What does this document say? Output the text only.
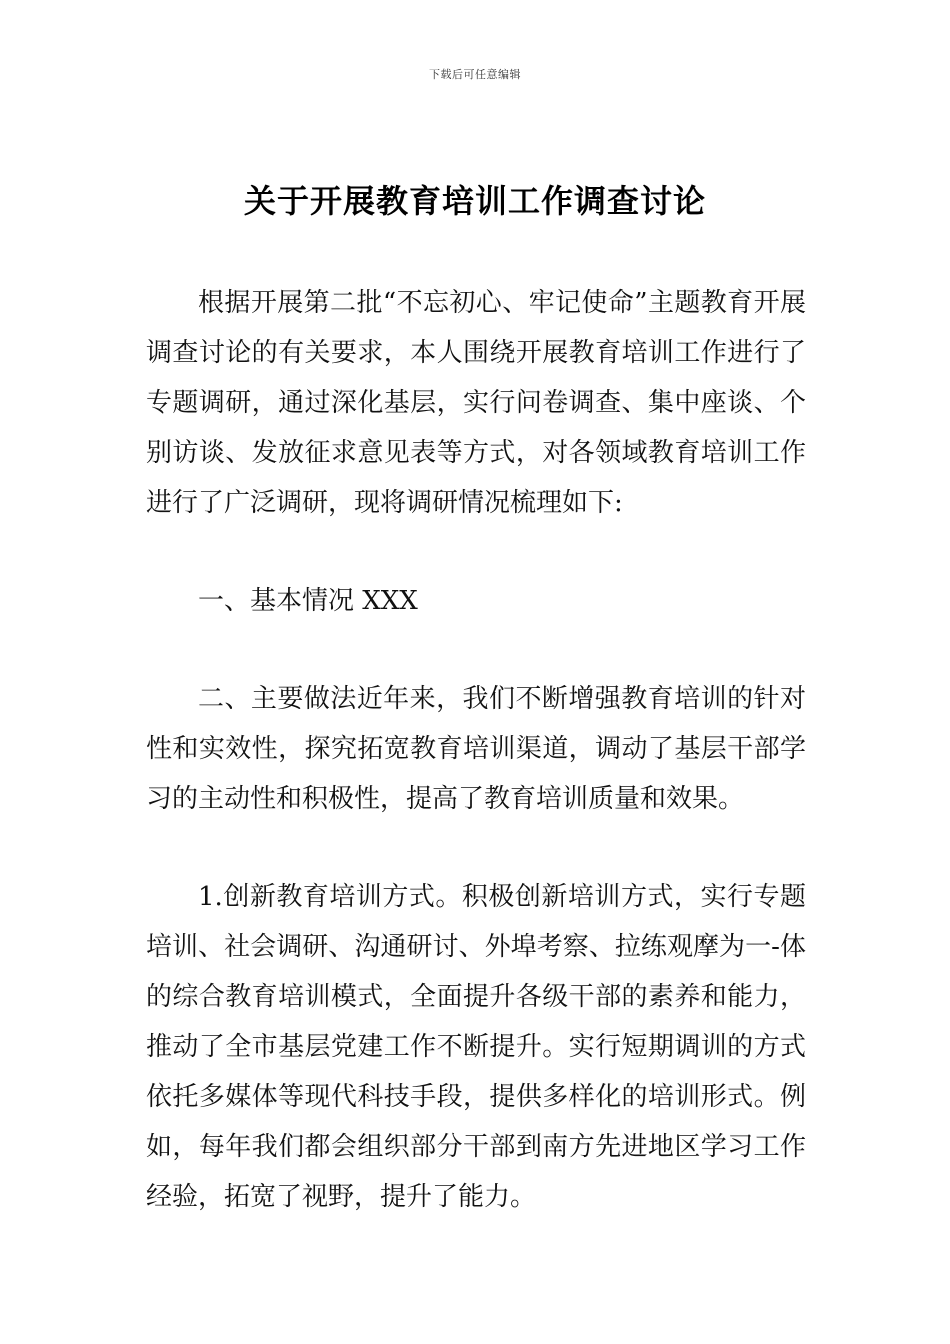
下载后可任意编辑
关于开展教育培训工作调查讨论

根据开展第二批“不忘初心、牢记使命”主题教育开展调查讨论的有关要求，本人围绕开展教育培训工作进行了专题调研，通过深化基层，实行问卷调查、集中座谈、个别访谈、发放征求意见表等方式，对各领域教育培训工作进行了广泛调研，现将调研情况梳理如下:

一、基本情况 XXX

二、主要做法近年来，我们不断增强教育培训的针对性和实效性，探究拓宽教育培训渠道，调动了基层干部学习的主动性和积极性，提高了教育培训质量和效果。

1.创新教育培训方式。积极创新培训方式，实行专题培训、社会调研、沟通研讨、外埠考察、拉练观摩为一-体的综合教育培训模式，全面提升各级干部的素养和能力，推动了全市基层党建工作不断提升。实行短期调训的方式依托多媒体等现代科技手段，提供多样化的培训形式。例如，每年我们都会组织部分干部到南方先进地区学习工作经验，拓宽了视野，提升了能力。
